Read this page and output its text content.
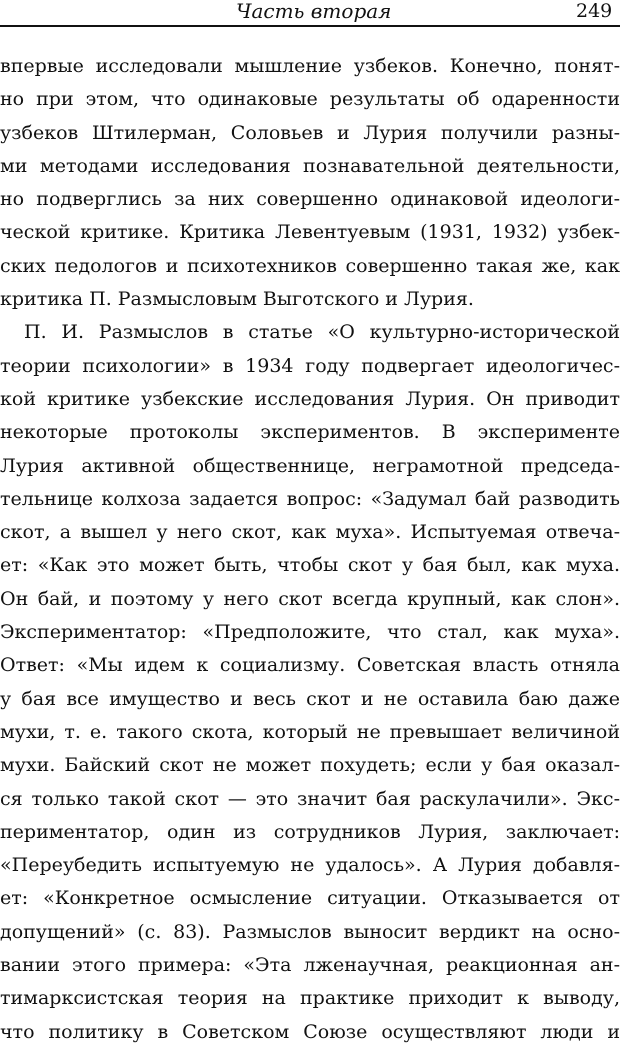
Часть вторая	249
впервые исследовали мышление узбеков. Конечно, понят-
но при этом, что одинаковые результаты об одаренности
узбеков Штилерман, Соловьев и Лурия получили разны-
ми методами исследования познавательной деятельности,
но подверглись за них совершенно одинаковой идеологи-
ческой критике. Критика Левентуевым (1931, 1932) узбек-
ских педологов и психотехников совершенно такая же, как
критика П. Размысловым Выготского и Лурия.
П. И. Размыслов в статье «О культурно-исторической
теории психологии» в 1934 году подвергает идеологичес-
кой критике узбекские исследования Лурия. Он приводит
некоторые протоколы экспериментов. В эксперименте
Лурия активной общественнице, неграмотной председа-
тельнице колхоза задается вопрос: «Задумал бай разводить
скот, а вышел у него скот, как муха». Испытуемая отвеча-
ет: «Как это может быть, чтобы скот у бая был, как муха.
Он бай, и поэтому у него скот всегда крупный, как слон».
Экспериментатор: «Предположите, что стал, как муха».
Ответ: «Мы идем к социализму. Советская власть отняла
у бая все имущество и весь скот и не оставила баю даже
мухи, т. е. такого скота, который не превышает величиной
мухи. Байский скот не может похудеть; если у бая оказал-
ся только такой скот — это значит бая раскулачили». Экс-
периментатор, один из сотрудников Лурия, заключает:
«Переубедить испытуемую не удалось». А Лурия добавля-
ет: «Конкретное осмысление ситуации. Отказывается от
допущений» (с. 83). Размыслов выносит вердикт на осно-
вании этого примера: «Эта лженаучная, реакционная ан-
тимарксистская теория на практике приходит к выводу,
что политику в Советском Союзе осуществляют люди и
